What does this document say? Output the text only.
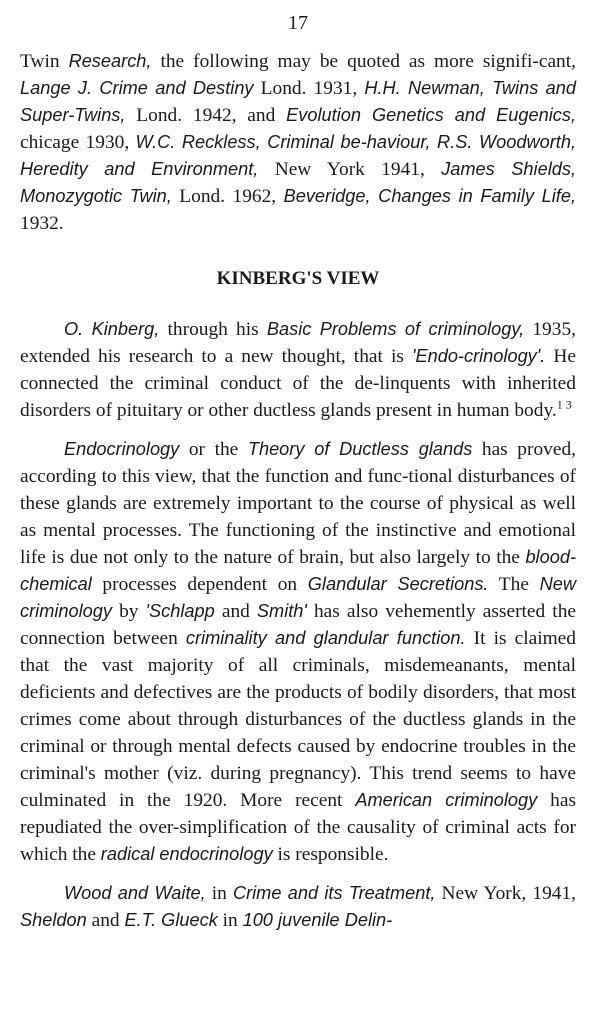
17

Twin Research, the following may be quoted as more signifi-cant, Lange J. Crime and Destiny Lond. 1931, H.H. Newman, Twins and Super-Twins, Lond. 1942, and Evolution Genetics and Eugenics, chicage 1930, W.C. Reckless, Criminal be-haviour, R.S. Woodworth, Heredity and Environment, New York 1941, James Shields, Monozygotic Twin, Lond. 1962, Beveridge, Changes in Family Life, 1932.

KINBERG'S VIEW

O. Kinberg, through his Basic Problems of criminology, 1935, extended his research to a new thought, that is 'Endo-crinology'. He connected the criminal conduct of the de-linquents with inherited disorders of pituitary or other ductless glands present in human body.$^{1 3}$

Endocrinology or the Theory of Ductless glands has proved, according to this view, that the function and func-tional disturbances of these glands are extremely important to the course of physical as well as mental processes. The functioning of the instinctive and emotional life is due not only to the nature of brain, but also largely to the blood-chemical processes dependent on Glandular Secretions. The New criminology by 'Schlapp and Smith' has also vehemently asserted the connection between criminality and glandular function. It is claimed that the vast majority of all criminals, misdemeanants, mental deficients and defectives are the products of bodily disorders, that most crimes come about through disturbances of the ductless glands in the criminal or through mental defects caused by endocrine troubles in the criminal's mother (viz. during pregnancy). This trend seems to have culminated in the 1920. More recent American criminology has repudiated the over-simplification of the causality of criminal acts for which the radical endocrinology is responsible.

Wood and Waite, in Crime and its Treatment, New York, 1941, Sheldon and E.T. Glueck in 100 juvenile Delin-
